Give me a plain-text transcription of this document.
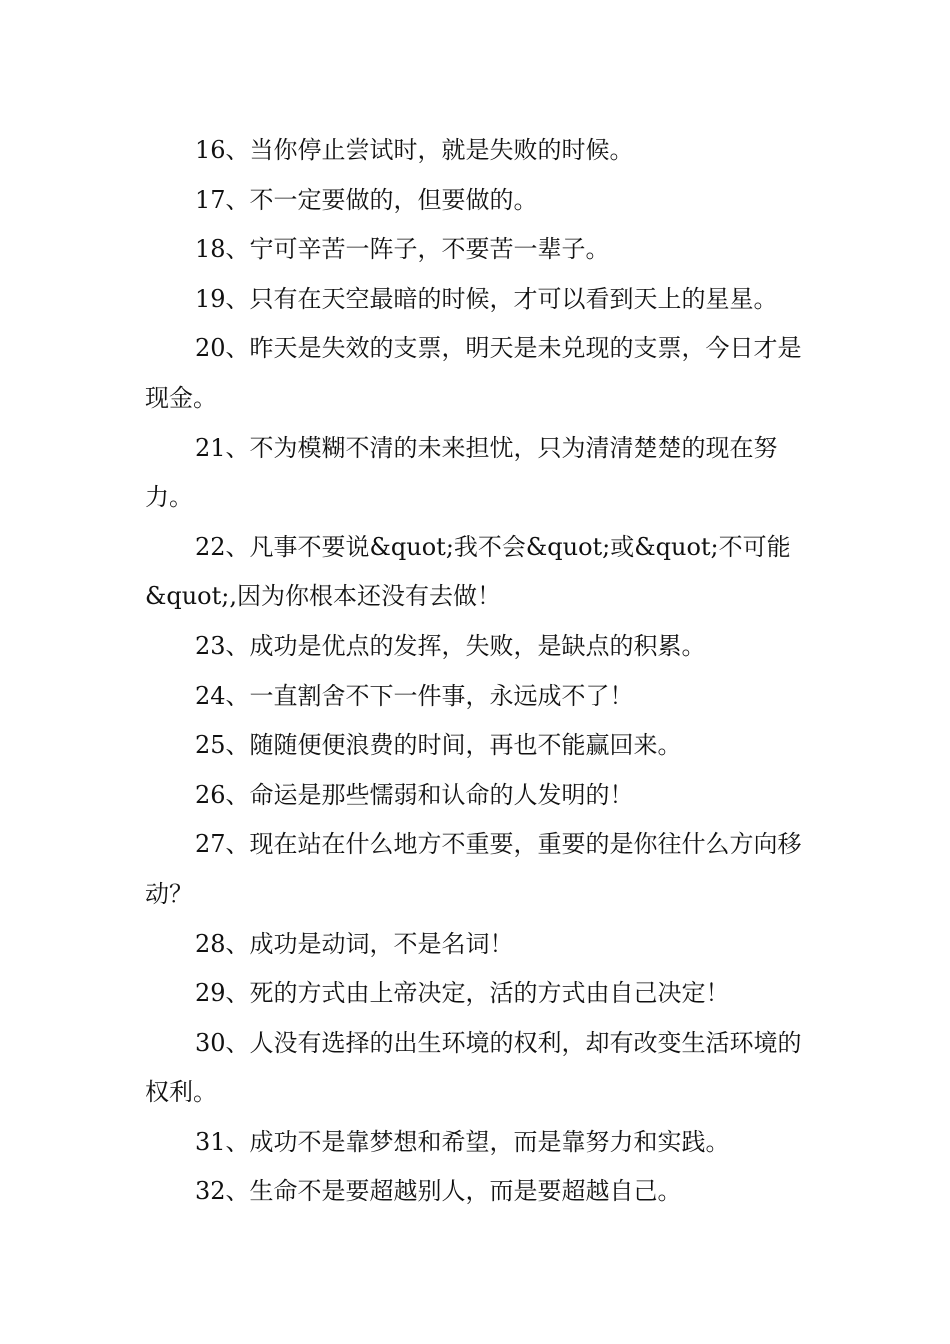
16、当你停止尝试时，就是失败的时候。

17、不一定要做的，但要做的。

18、宁可辛苦一阵子，不要苦一辈子。

19、只有在天空最暗的时候，才可以看到天上的星星。

20、昨天是失效的支票，明天是未兑现的支票，今日才是现金。

21、不为模糊不清的未来担忧，只为清清楚楚的现在努力。

22、凡事不要说&quot;我不会&quot;或&quot;不可能&quot;,因为你根本还没有去做！

23、成功是优点的发挥，失败，是缺点的积累。

24、一直割舍不下一件事，永远成不了！

25、随随便便浪费的时间，再也不能赢回来。

26、命运是那些懦弱和认命的人发明的！

27、现在站在什么地方不重要，重要的是你往什么方向移动？

28、成功是动词，不是名词！

29、死的方式由上帝决定，活的方式由自己决定！

30、人没有选择的出生环境的权利，却有改变生活环境的权利。

31、成功不是靠梦想和希望，而是靠努力和实践。

32、生命不是要超越别人，而是要超越自己。
